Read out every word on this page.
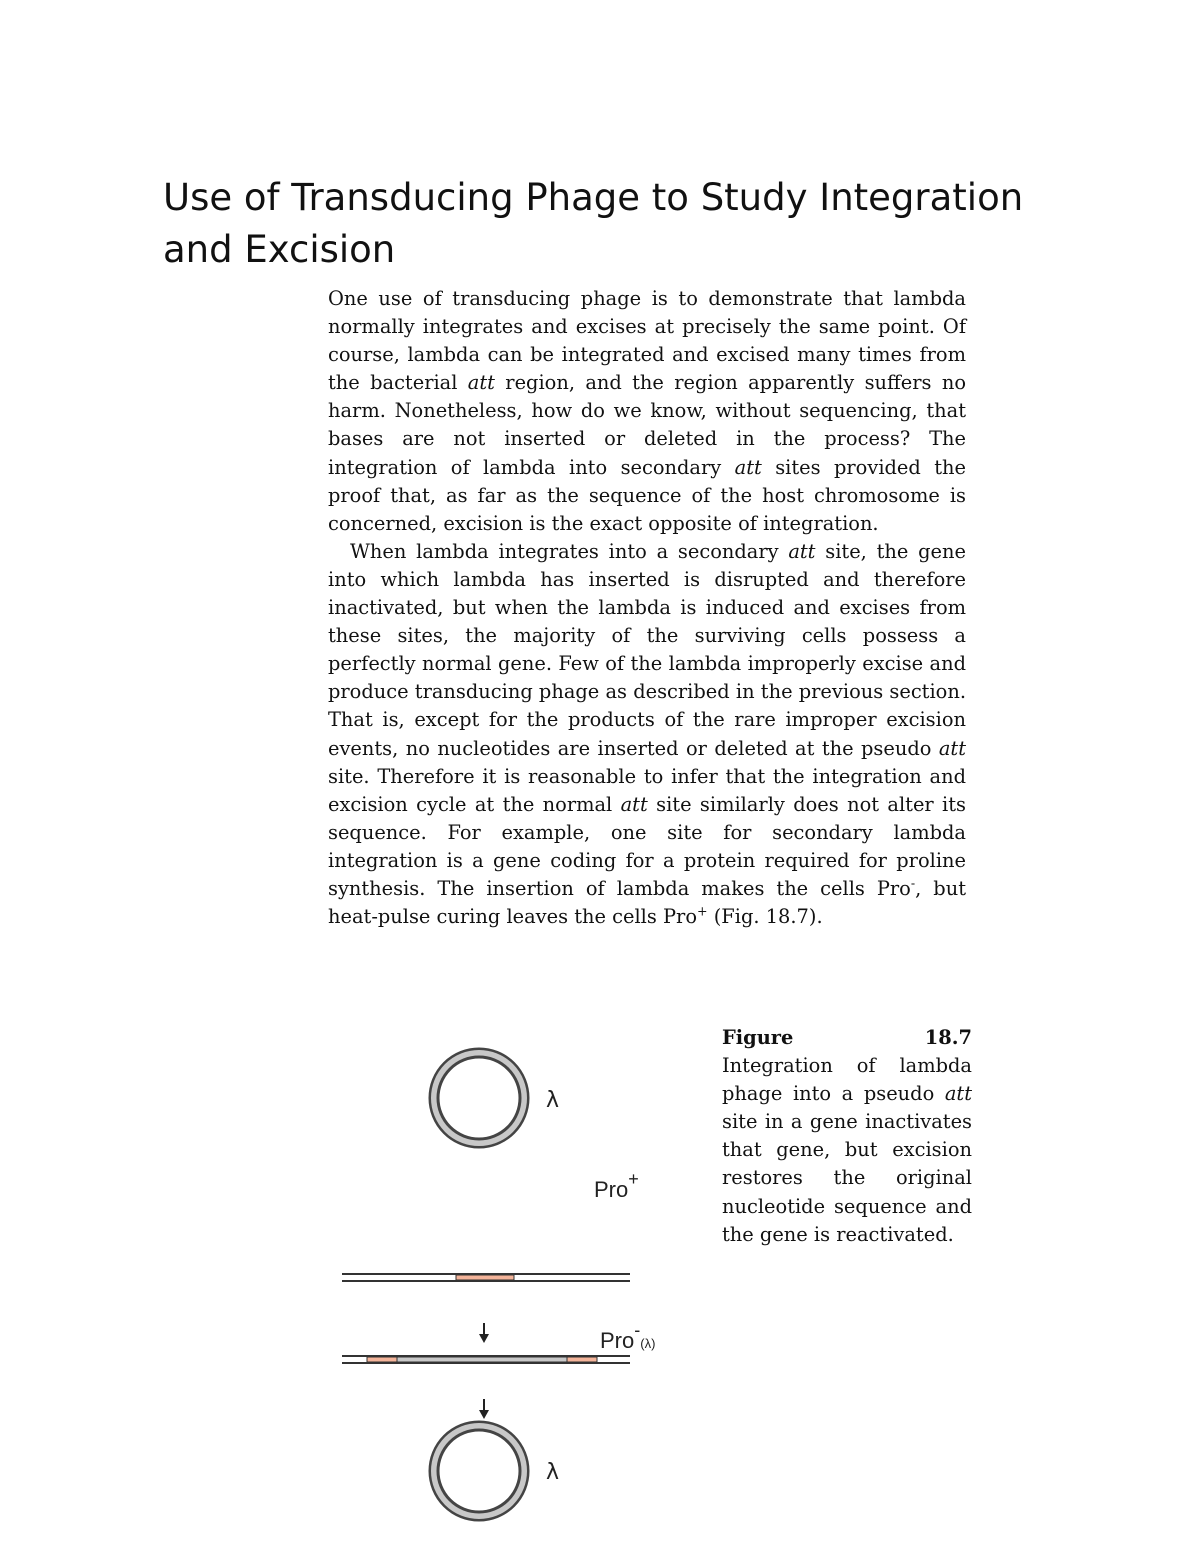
Use of Transducing Phage to Study Integration and Excision

One use of transducing phage is to demonstrate that lambda normally integrates and excises at precisely the same point. Of course, lambda can be integrated and excised many times from the bacterial att region, and the region apparently suffers no harm. Nonetheless, how do we know, without sequencing, that bases are not inserted or deleted in the process? The integration of lambda into secondary att sites provided the proof that, as far as the sequence of the host chromosome is concerned, excision is the exact opposite of integration.

When lambda integrates into a secondary att site, the gene into which lambda has inserted is disrupted and therefore inactivated, but when the lambda is induced and excises from these sites, the majority of the surviving cells possess a perfectly normal gene. Few of the lambda improperly excise and produce transducing phage as described in the previous section. That is, except for the products of the rare improper excision events, no nucleotides are inserted or deleted at the pseudo att site. Therefore it is reasonable to infer that the integration and excision cycle at the normal att site similarly does not alter its sequence. For example, one site for secondary lambda integration is a gene coding for a protein required for proline synthesis. The insertion of lambda makes the cells Pro-, but heat-pulse curing leaves the cells Pro+ (Fig. 18.7).

λ
Pro+
Pro-$_{(\lambda)}$
λ
Figure	18.7
Integration of lambda phage into a pseudo att site in a gene inactivates that gene, but excision restores the original nucleotide sequence and the gene is reactivated.
